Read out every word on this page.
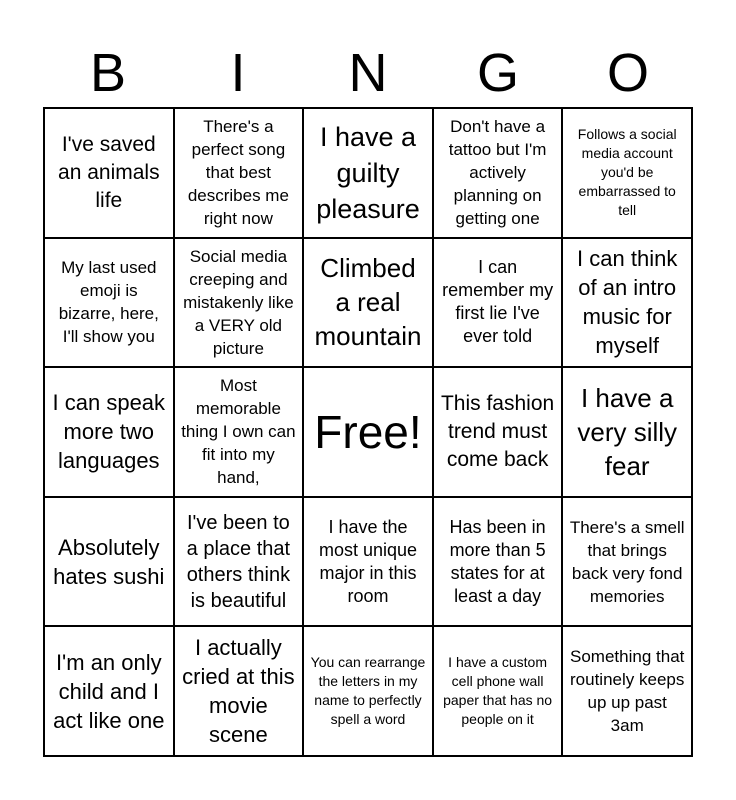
B	I	N	G	O
I've saved an animals life
There's a perfect song that best describes me right now
I have a guilty pleasure
Don't have a tattoo but I'm actively planning on getting one
Follows a social media account you'd be embarrassed to tell
My last used emoji is bizarre, here, I'll show you
Social media creeping and mistakenly like a VERY old picture
Climbed a real mountain
I can remember my first lie I've ever told
I can think of an intro music for myself
I can speak more two languages
Most memorable thing I own can fit into my hand,
Free!
This fashion trend must come back
I have a very silly fear
Absolutely hates sushi
I've been to a place that others think is beautiful
I have the most unique major in this room
Has been in more than 5 states for at least a day
There's a smell that brings back very fond memories
I'm an only child and I act like one
I actually cried at this movie scene
You can rearrange the letters in my name to perfectly spell a word
I have a custom cell phone wall paper that has no people on it
Something that routinely keeps up up past 3am
